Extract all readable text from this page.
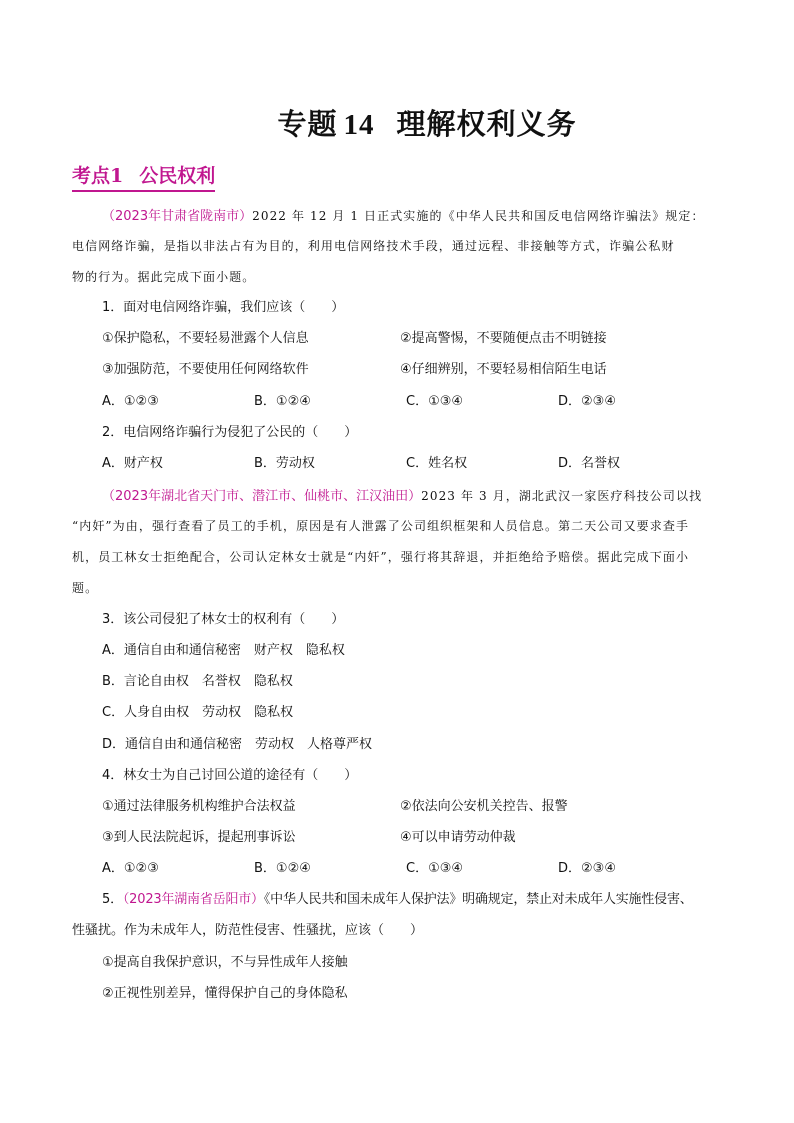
专题 14 理解权利义务
考点1 公民权利
（2023年甘肃省陇南市）2022 年 12 月 1 日正式实施的《中华人民共和国反电信网络诈骗法》规定：
电信网络诈骗，是指以非法占有为目的，利用电信网络技术手段，通过远程、非接触等方式，诈骗公私财
物的行为。据此完成下面小题。
1．面对电信网络诈骗，我们应该（　　）
①保护隐私，不要轻易泄露个人信息	②提高警惕，不要随便点击不明链接
③加强防范，不要使用任何网络软件	④仔细辨别，不要轻易相信陌生电话
A．①②③	B．①②④	C．①③④	D．②③④
2．电信网络诈骗行为侵犯了公民的（　　）
A．财产权	B．劳动权	C．姓名权	D．名誉权
（2023年湖北省天门市、潜江市、仙桃市、江汉油田）2023 年 3 月，湖北武汉一家医疗科技公司以找
“内奸”为由，强行查看了员工的手机，原因是有人泄露了公司组织框架和人员信息。第二天公司又要求查手
机，员工林女士拒绝配合，公司认定林女士就是“内奸”，强行将其辞退，并拒绝给予赔偿。据此完成下面小
题。
3．该公司侵犯了林女士的权利有（　　）
A．通信自由和通信秘密　财产权　隐私权
B．言论自由权　名誉权　隐私权
C．人身自由权　劳动权　隐私权
D．通信自由和通信秘密　劳动权　人格尊严权
4．林女士为自己讨回公道的途径有（　　）
①通过法律服务机构维护合法权益	②依法向公安机关控告、报警
③到人民法院起诉，提起刑事诉讼	④可以申请劳动仲裁
A．①②③	B．①②④	C．①③④	D．②③④
5．（2023年湖南省岳阳市）《中华人民共和国未成年人保护法》明确规定，禁止对未成年人实施性侵害、
性骚扰。作为未成年人，防范性侵害、性骚扰，应该（　　）
①提高自我保护意识，不与异性成年人接触
②正视性别差异，懂得保护自己的身体隐私
